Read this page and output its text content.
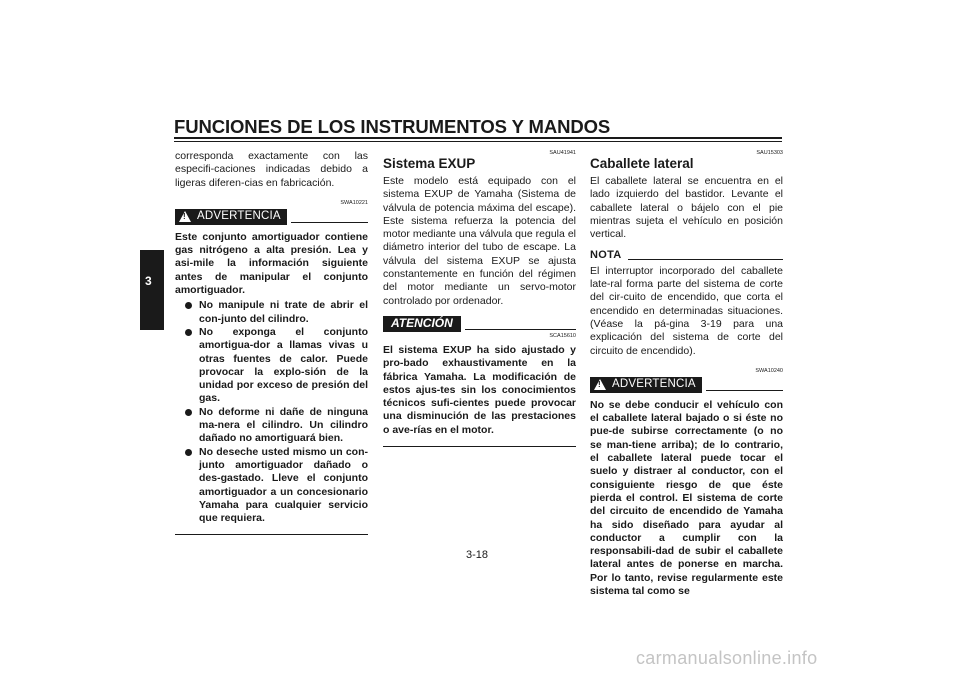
FUNCIONES DE LOS INSTRUMENTOS Y MANDOS
3

corresponda exactamente con las especifi-caciones indicadas debido a ligeras diferen-cias en fabricación.

SWA10221
! ADVERTENCIA

Este conjunto amortiguador contiene gas nitrógeno a alta presión. Lea y asi-mile la información siguiente antes de manipular el conjunto amortiguador.

No manipule ni trate de abrir el con-junto del cilindro.
No exponga el conjunto amortigua-dor a llamas vivas u otras fuentes de calor. Puede provocar la explo-sión de la unidad por exceso de presión del gas.
No deforme ni dañe de ninguna ma-nera el cilindro. Un cilindro dañado no amortiguará bien.
No deseche usted mismo un con-junto amortiguador dañado o des-gastado. Lleve el conjunto amortiguador a un concesionario Yamaha para cualquier servicio que requiera.
SAU41941
Sistema EXUP

Este modelo está equipado con el sistema EXUP de Yamaha (Sistema de válvula de potencia máxima del escape). Este sistema refuerza la potencia del motor mediante una válvula que regula el diámetro interior del tubo de escape. La válvula del sistema EXUP se ajusta constantemente en función del régimen del motor mediante un servo-motor controlado por ordenador.

ATENCIÓN
SCA15610

El sistema EXUP ha sido ajustado y pro-bado exhaustivamente en la fábrica Yamaha. La modificación de estos ajus-tes sin los conocimientos técnicos sufi-cientes puede provocar una disminución de las prestaciones o ave-rías en el motor.

SAU15303
Caballete lateral

El caballete lateral se encuentra en el lado izquierdo del bastidor. Levante el caballete lateral o bájelo con el pie mientras sujeta el vehículo en posición vertical.

NOTA

El interruptor incorporado del caballete late-ral forma parte del sistema de corte del cir-cuito de encendido, que corta el encendido en determinadas situaciones. (Véase la pá-gina 3-19 para una explicación del sistema de corte del circuito de encendido).

SWA10240
! ADVERTENCIA

No se debe conducir el vehículo con el caballete lateral bajado o si éste no pue-de subirse correctamente (o no se man-tiene arriba); de lo contrario, el caballete lateral puede tocar el suelo y distraer al conductor, con el consiguiente riesgo de que éste pierda el control. El sistema de corte del circuito de encendido de Yamaha ha sido diseñado para ayudar al conductor a cumplir con la responsabili-dad de subir el caballete lateral antes de ponerse en marcha. Por lo tanto, revise regularmente este sistema tal como se

3-18
carmanualsonline.info
